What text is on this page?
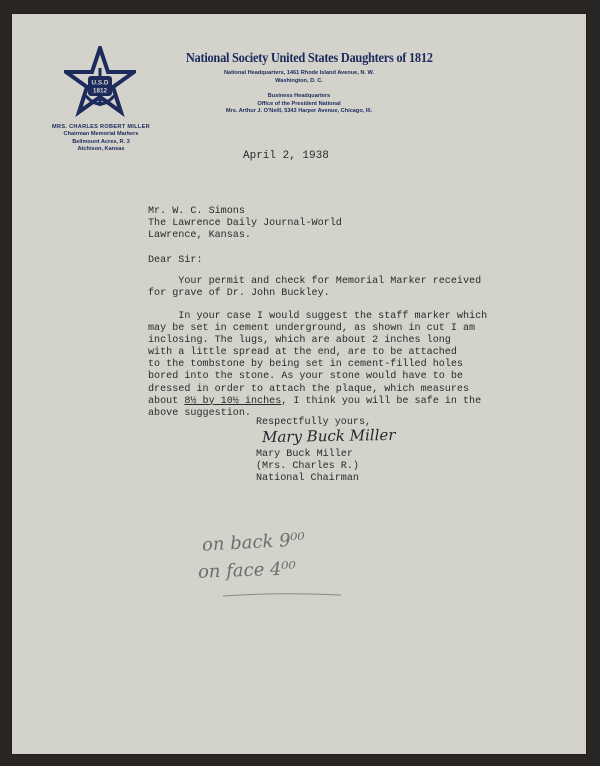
U.S.D
1812
MRS. CHARLES ROBERT MILLER
Chairman Memorial Markers
Bellmount Acres, R. 3
Atchison, Kansas
National Society United States Daughters of 1812
National Headquarters, 1461 Rhode Island Avenue, N. W.
Washington, D. C.
Business Headquarters
Office of the President National
Mrs. Arthur J. O'Neill, 5343 Harper Avenue, Chicago, Ill.
April 2, 1938
Mr. W. C. Simons
The Lawrence Daily Journal-World
Lawrence, Kansas.
Dear Sir:
Your permit and check for Memorial Marker received
for grave of Dr. John Buckley.
In your case I would suggest the staff marker which
may be set in cement underground, as shown in cut I am
inclosing. The lugs, which are about 2 inches long
with a little spread at the end, are to be attached
to the tombstone by being set in cement-filled holes
bored into the stone. As your stone would have to be
dressed in order to attach the plaque, which measures
about 8½ by 10½ inches, I think you will be safe in the
above suggestion.
Respectfully yours,
Mary Buck Miller
Mary Buck Miller
(Mrs. Charles R.)
National Chairman
on back 9⁰⁰
on face 4⁰⁰
